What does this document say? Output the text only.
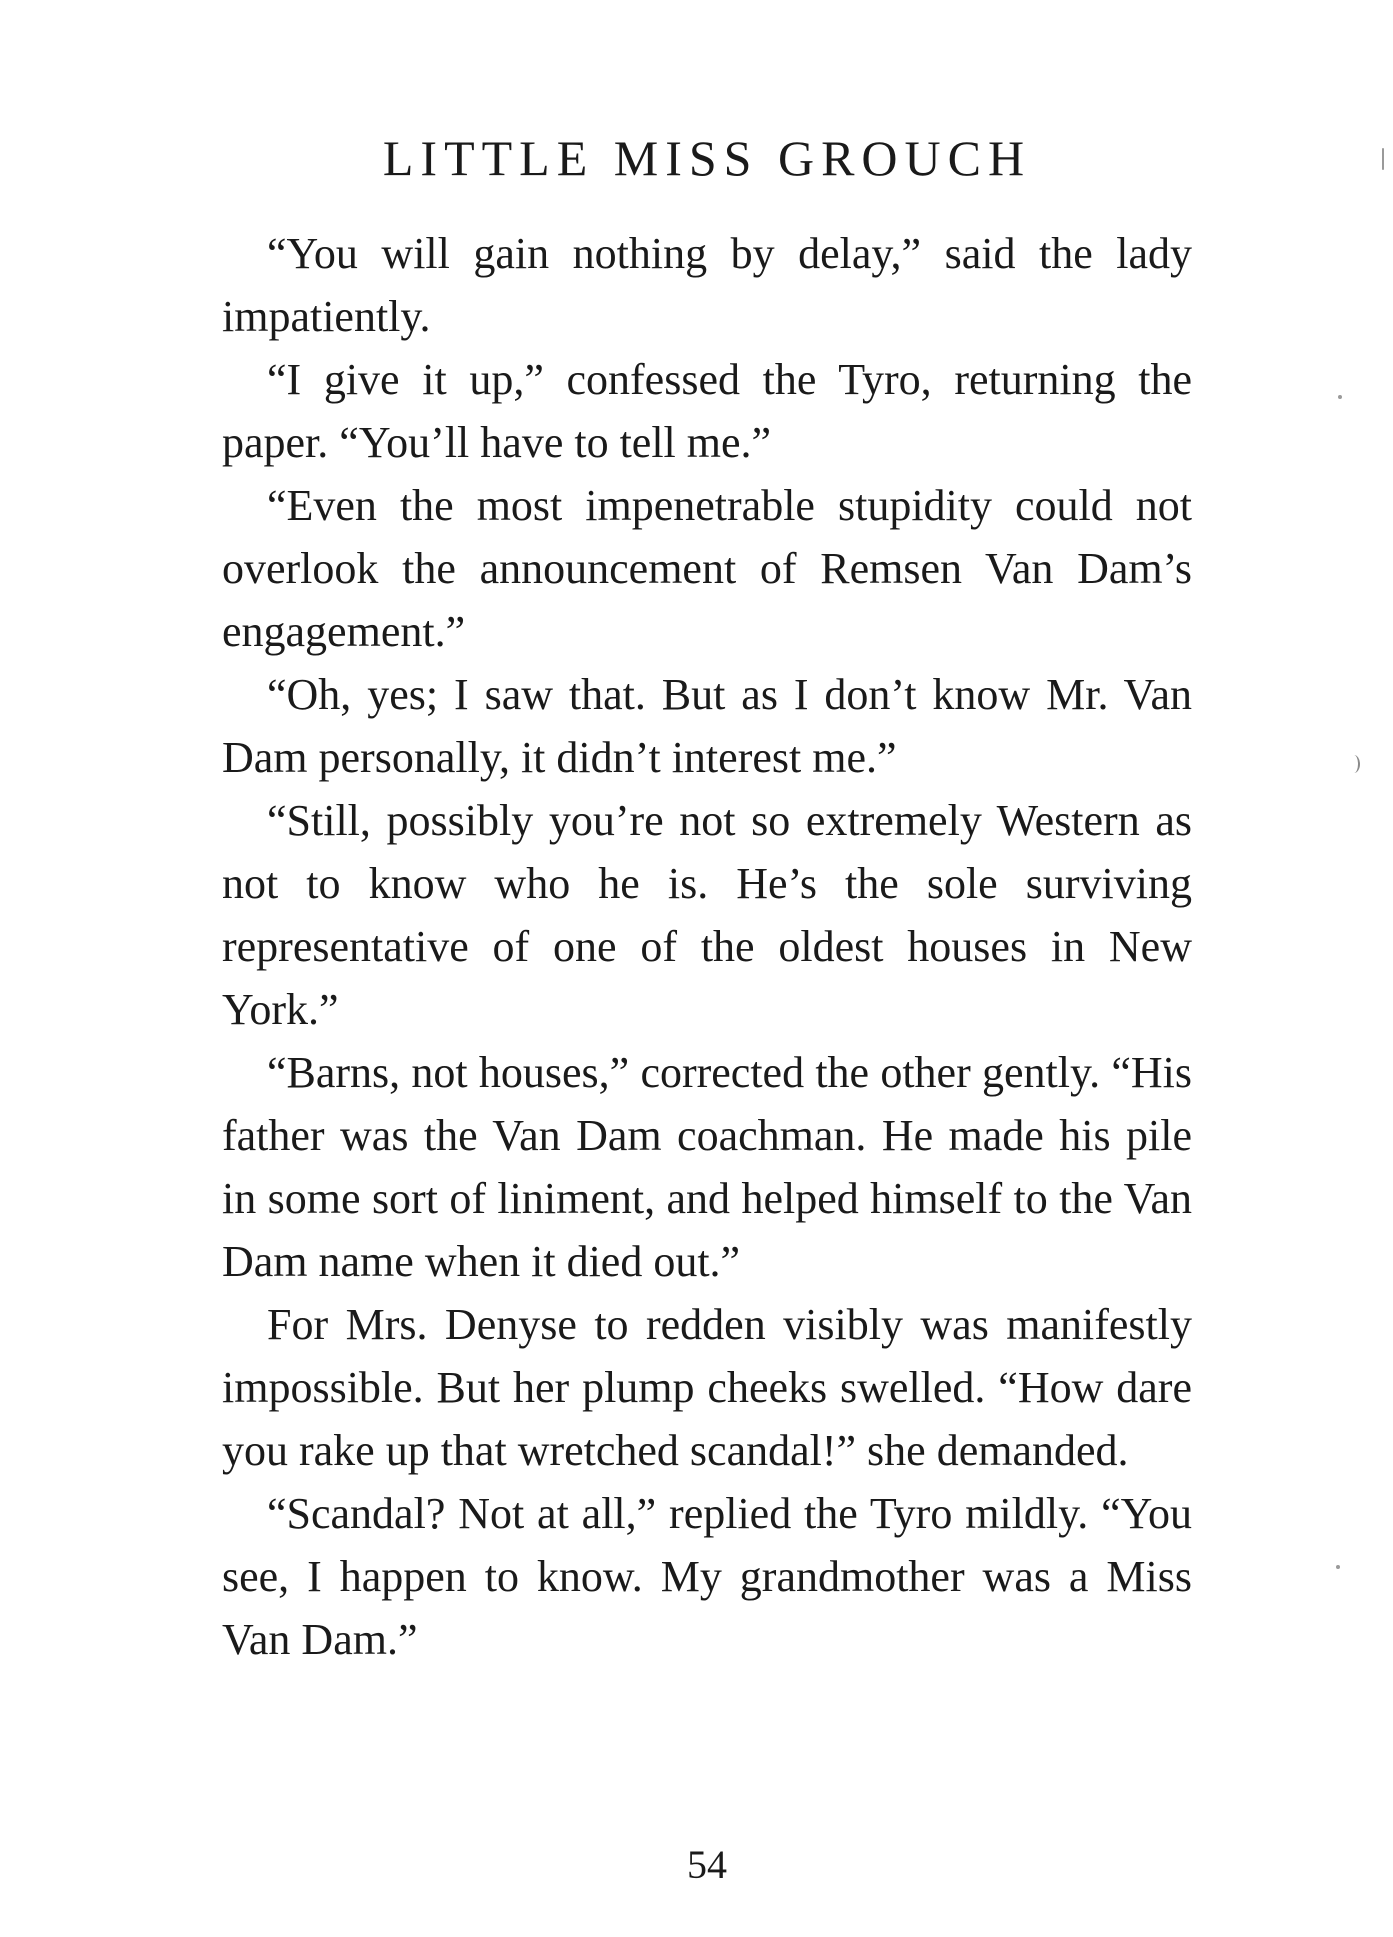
LITTLE MISS GROUCH

“You will gain nothing by delay,” said the lady impatiently.

“I give it up,” confessed the Tyro, returning the paper. “You’ll have to tell me.”

“Even the most impenetrable stupidity could not overlook the announcement of Remsen Van Dam’s engagement.”

“Oh, yes; I saw that. But as I don’t know Mr. Van Dam personally, it didn’t interest me.”

“Still, possibly you’re not so extremely Western as not to know who he is. He’s the sole surviving representative of one of the oldest houses in New York.”

“Barns, not houses,” corrected the other gently. “His father was the Van Dam coachman. He made his pile in some sort of liniment, and helped himself to the Van Dam name when it died out.”

For Mrs. Denyse to redden visibly was manifestly impossible. But her plump cheeks swelled. “How dare you rake up that wretched scandal!” she demanded.

“Scandal? Not at all,” replied the Tyro mildly. “You see, I happen to know. My grandmother was a Miss Van Dam.”

54
